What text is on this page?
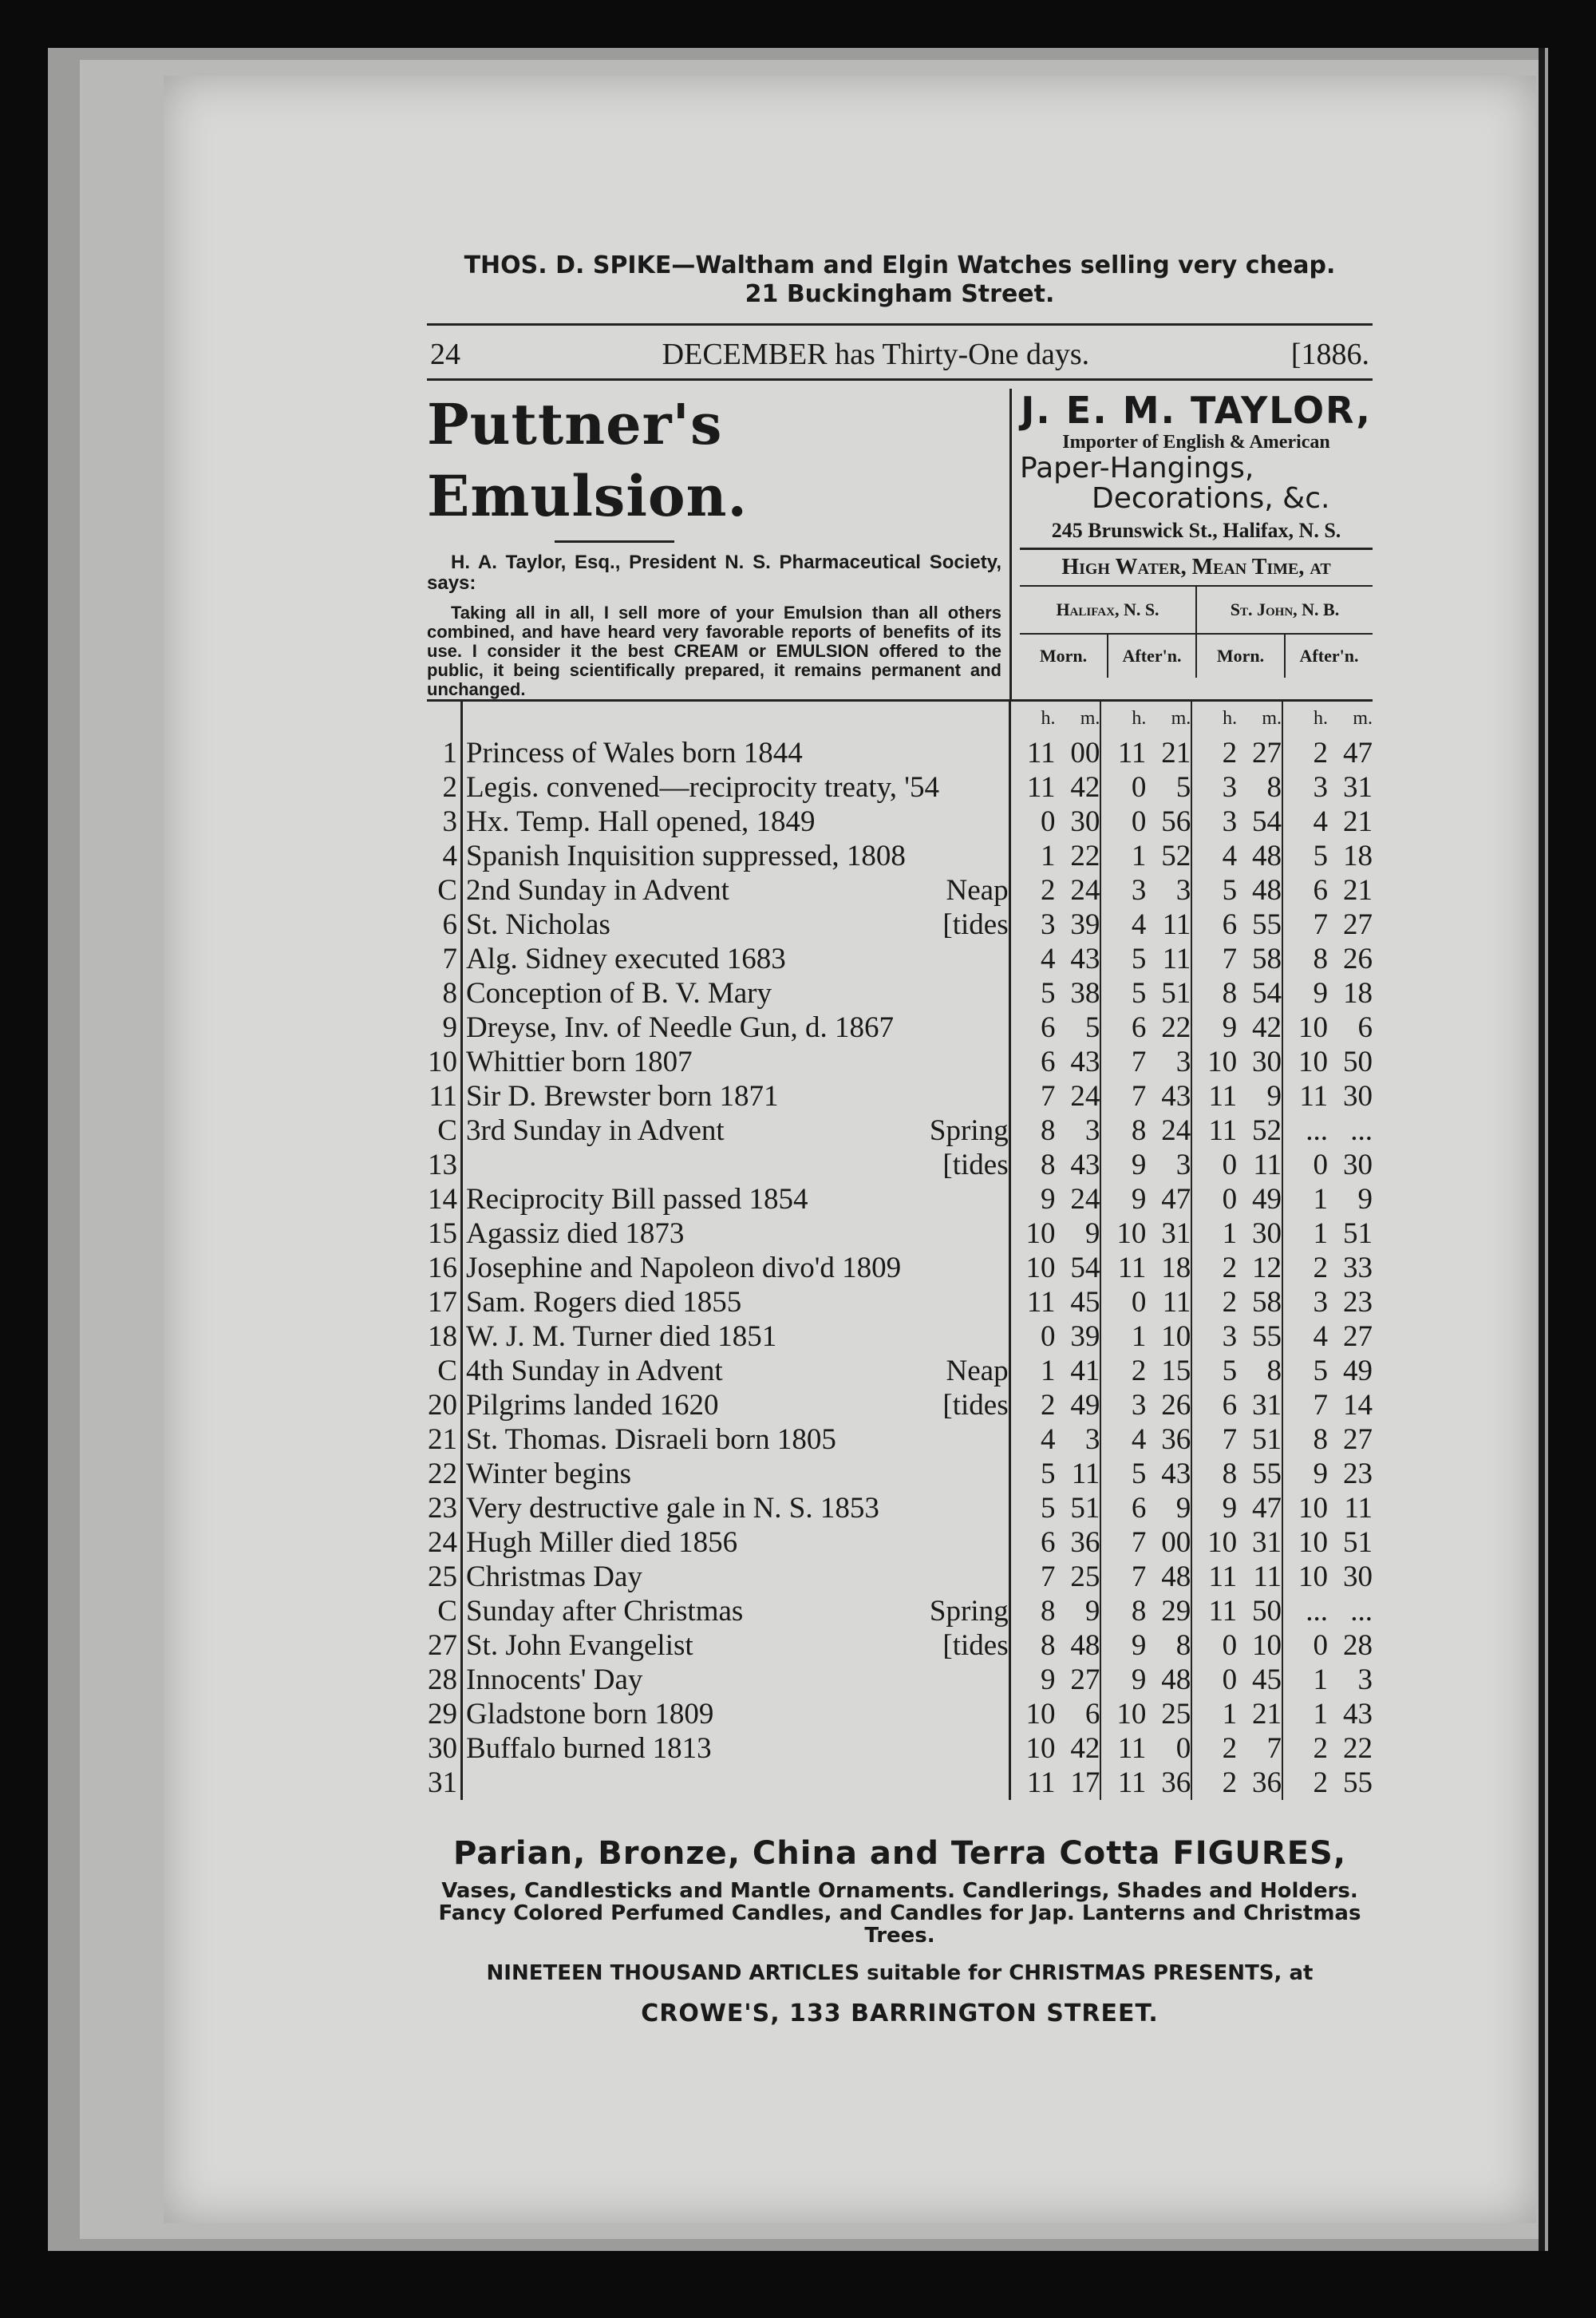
THOS. D. SPIKE—Waltham and Elgin Watches selling very cheap.
21 Buckingham Street.
24	DECEMBER has Thirty-One days.	[1886.
Puttner's Emulsion.
H. A. Taylor, Esq., President N. S. Pharmaceutical Society, says:
Taking all in all, I sell more of your Emulsion than all others combined, and have heard very favorable reports of benefits of its use. I consider it the best CREAM or EMULSION offered to the public, it being scientifically prepared, it remains permanent and unchanged.
J. E. M. TAYLOR,
Importer of English & American
Paper-Hangings,
Decorations, &c.
245 Brunswick St., Halifax, N. S.
High Water, Mean Time, at
Halifax, N. S.	St. John, N. B.
Morn.	After'n.	Morn.	After'n.
		h.	m.	h.	m.	h.	m.	h.	m.
1	Princess of Wales born 1844	11	00	11	21	2	27	2	47
2	Legis. convened—reciprocity treaty, '54	11	42	0	5	3	8	3	31
3	Hx. Temp. Hall opened, 1849	0	30	0	56	3	54	4	21
4	Spanish Inquisition suppressed, 1808	1	22	1	52	4	48	5	18
C	2nd Sunday in Advent Neap	2	24	3	3	5	48	6	21
6	St. Nicholas [tides	3	39	4	11	6	55	7	27
7	Alg. Sidney executed 1683	4	43	5	11	7	58	8	26
8	Conception of B. V. Mary	5	38	5	51	8	54	9	18
9	Dreyse, Inv. of Needle Gun, d. 1867	6	5	6	22	9	42	10	6
10	Whittier born 1807	6	43	7	3	10	30	10	50
11	Sir D. Brewster born 1871	7	24	7	43	11	9	11	30
C	3rd Sunday in Advent Spring	8	3	8	24	11	52	...	...
13	[tides	8	43	9	3	0	11	0	30
14	Reciprocity Bill passed 1854	9	24	9	47	0	49	1	9
15	Agassiz died 1873	10	9	10	31	1	30	1	51
16	Josephine and Napoleon divo'd 1809	10	54	11	18	2	12	2	33
17	Sam. Rogers died 1855	11	45	0	11	2	58	3	23
18	W. J. M. Turner died 1851	0	39	1	10	3	55	4	27
C	4th Sunday in Advent Neap	1	41	2	15	5	8	5	49
20	Pilgrims landed 1620 [tides	2	49	3	26	6	31	7	14
21	St. Thomas. Disraeli born 1805	4	3	4	36	7	51	8	27
22	Winter begins	5	11	5	43	8	55	9	23
23	Very destructive gale in N. S. 1853	5	51	6	9	9	47	10	11
24	Hugh Miller died 1856	6	36	7	00	10	31	10	51
25	Christmas Day	7	25	7	48	11	11	10	30
C	Sunday after Christmas Spring	8	9	8	29	11	50	...	...
27	St. John Evangelist [tides	8	48	9	8	0	10	0	28
28	Innocents' Day	9	27	9	48	0	45	1	3
29	Gladstone born 1809	10	6	10	25	1	21	1	43
30	Buffalo burned 1813	10	42	11	0	2	7	2	22
31		11	17	11	36	2	36	2	55
Parian, Bronze, China and Terra Cotta FIGURES,
Vases, Candlesticks and Mantle Ornaments. Candlerings, Shades and Holders. Fancy Colored Perfumed Candles, and Candles for Jap. Lanterns and Christmas Trees.
NINETEEN THOUSAND ARTICLES suitable for CHRISTMAS PRESENTS, at
CROWE'S, 133 BARRINGTON STREET.
